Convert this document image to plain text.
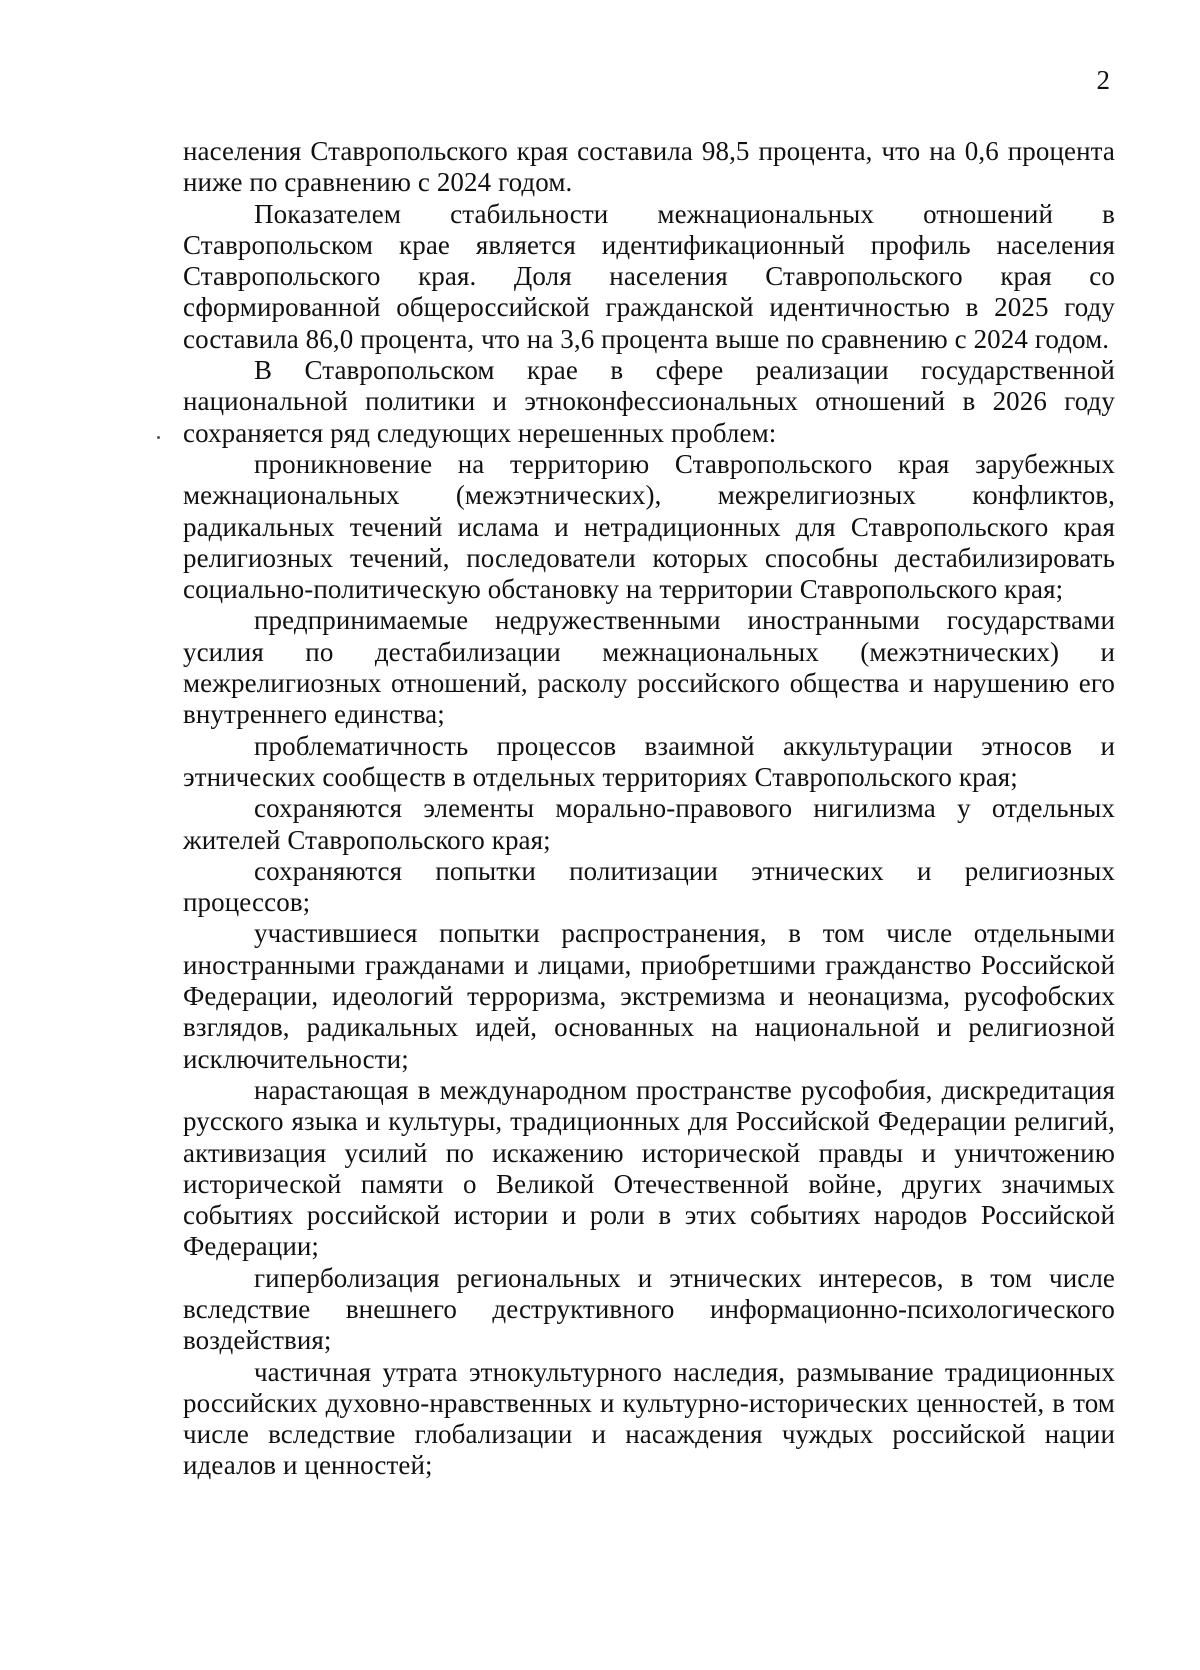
2

населения Ставропольского края составила 98,5 процента, что на 0,6 процента ниже по сравнению с 2024 годом.

Показателем стабильности межнациональных отношений в Ставропольском крае является идентификационный профиль населения Ставропольского края. Доля населения Ставропольского края со сформированной общероссийской гражданской идентичностью в 2025 году составила 86,0 процента, что на 3,6 процента выше по сравнению с 2024 годом.

В Ставропольском крае в сфере реализации государственной национальной политики и этноконфессиональных отношений в 2026 году сохраняется ряд следующих нерешенных проблем:

проникновение на территорию Ставропольского края зарубежных межнациональных (межэтнических), межрелигиозных конфликтов, радикальных течений ислама и нетрадиционных для Ставропольского края религиозных течений, последователи которых способны дестабилизировать социально-политическую обстановку на территории Ставропольского края;

предпринимаемые недружественными иностранными государствами усилия по дестабилизации межнациональных (межэтнических) и межрелигиозных отношений, расколу российского общества и нарушению его внутреннего единства;

проблематичность процессов взаимной аккультурации этносов и этнических сообществ в отдельных территориях Ставропольского края;

сохраняются элементы морально-правового нигилизма у отдельных жителей Ставропольского края;

сохраняются попытки политизации этнических и религиозных процессов;

участившиеся попытки распространения, в том числе отдельными иностранными гражданами и лицами, приобретшими гражданство Российской Федерации, идеологий терроризма, экстремизма и неонацизма, русофобских взглядов, радикальных идей, основанных на национальной и религиозной исключительности;

нарастающая в международном пространстве русофобия, дискредитация русского языка и культуры, традиционных для Российской Федерации религий, активизация усилий по искажению исторической правды и уничтожению исторической памяти о Великой Отечественной войне, других значимых событиях российской истории и роли в этих событиях народов Российской Федерации;

гиперболизация региональных и этнических интересов, в том числе вследствие внешнего деструктивного информационно-психологического воздействия;

частичная утрата этнокультурного наследия, размывание традиционных российских духовно-нравственных и культурно-исторических ценностей, в том числе вследствие глобализации и насаждения чуждых российской нации идеалов и ценностей;
